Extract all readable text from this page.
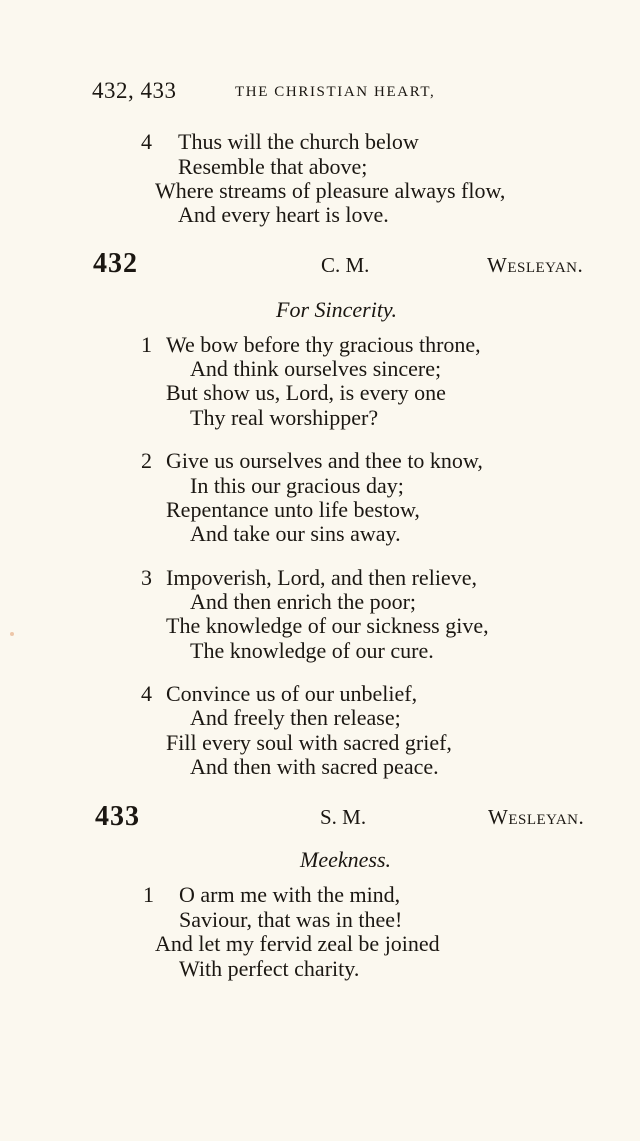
432, 433	THE CHRISTIAN HEART,
4 Thus will the church below
Resemble that above;
Where streams of pleasure always flow,
And every heart is love.
432	C. M.	Wesleyan.
For Sincerity.
1 We bow before thy gracious throne,
And think ourselves sincere;
But show us, Lord, is every one
Thy real worshipper?
2 Give us ourselves and thee to know,
In this our gracious day;
Repentance unto life bestow,
And take our sins away.
3 Impoverish, Lord, and then relieve,
And then enrich the poor;
The knowledge of our sickness give,
The knowledge of our cure.
4 Convince us of our unbelief,
And freely then release;
Fill every soul with sacred grief,
And then with sacred peace.
433	S. M.	Wesleyan.
Meekness.
1 O arm me with the mind,
Saviour, that was in thee!
And let my fervid zeal be joined
With perfect charity.
